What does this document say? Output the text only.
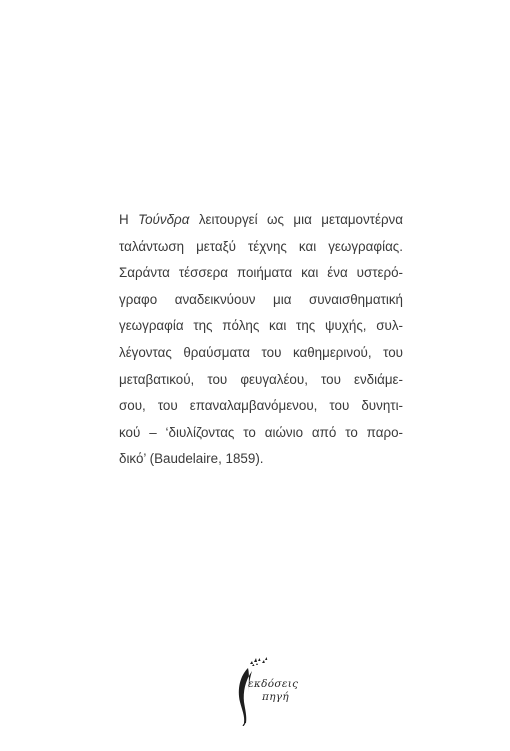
Η Τούνδρα λειτουργεί ως μια μεταμοντέρνα
ταλάντωση μεταξύ τέχνης και γεωγραφίας.
Σαράντα τέσσερα ποιήματα και ένα υστερό-
γραφο αναδεικνύουν μια συναισθηματική
γεωγραφία της πόλης και της ψυχής, συλ-
λέγοντας θραύσματα του καθημερινού, του
μεταβατικού, του φευγαλέου, του ενδιάμε-
σου, του επαναλαμβανόμενου, του δυνητι-
κού – ‘διυλίζοντας το αιώνιο από το παρο-
δικό’ (Baudelaire, 1859).
εκδόσεις
πηγή
